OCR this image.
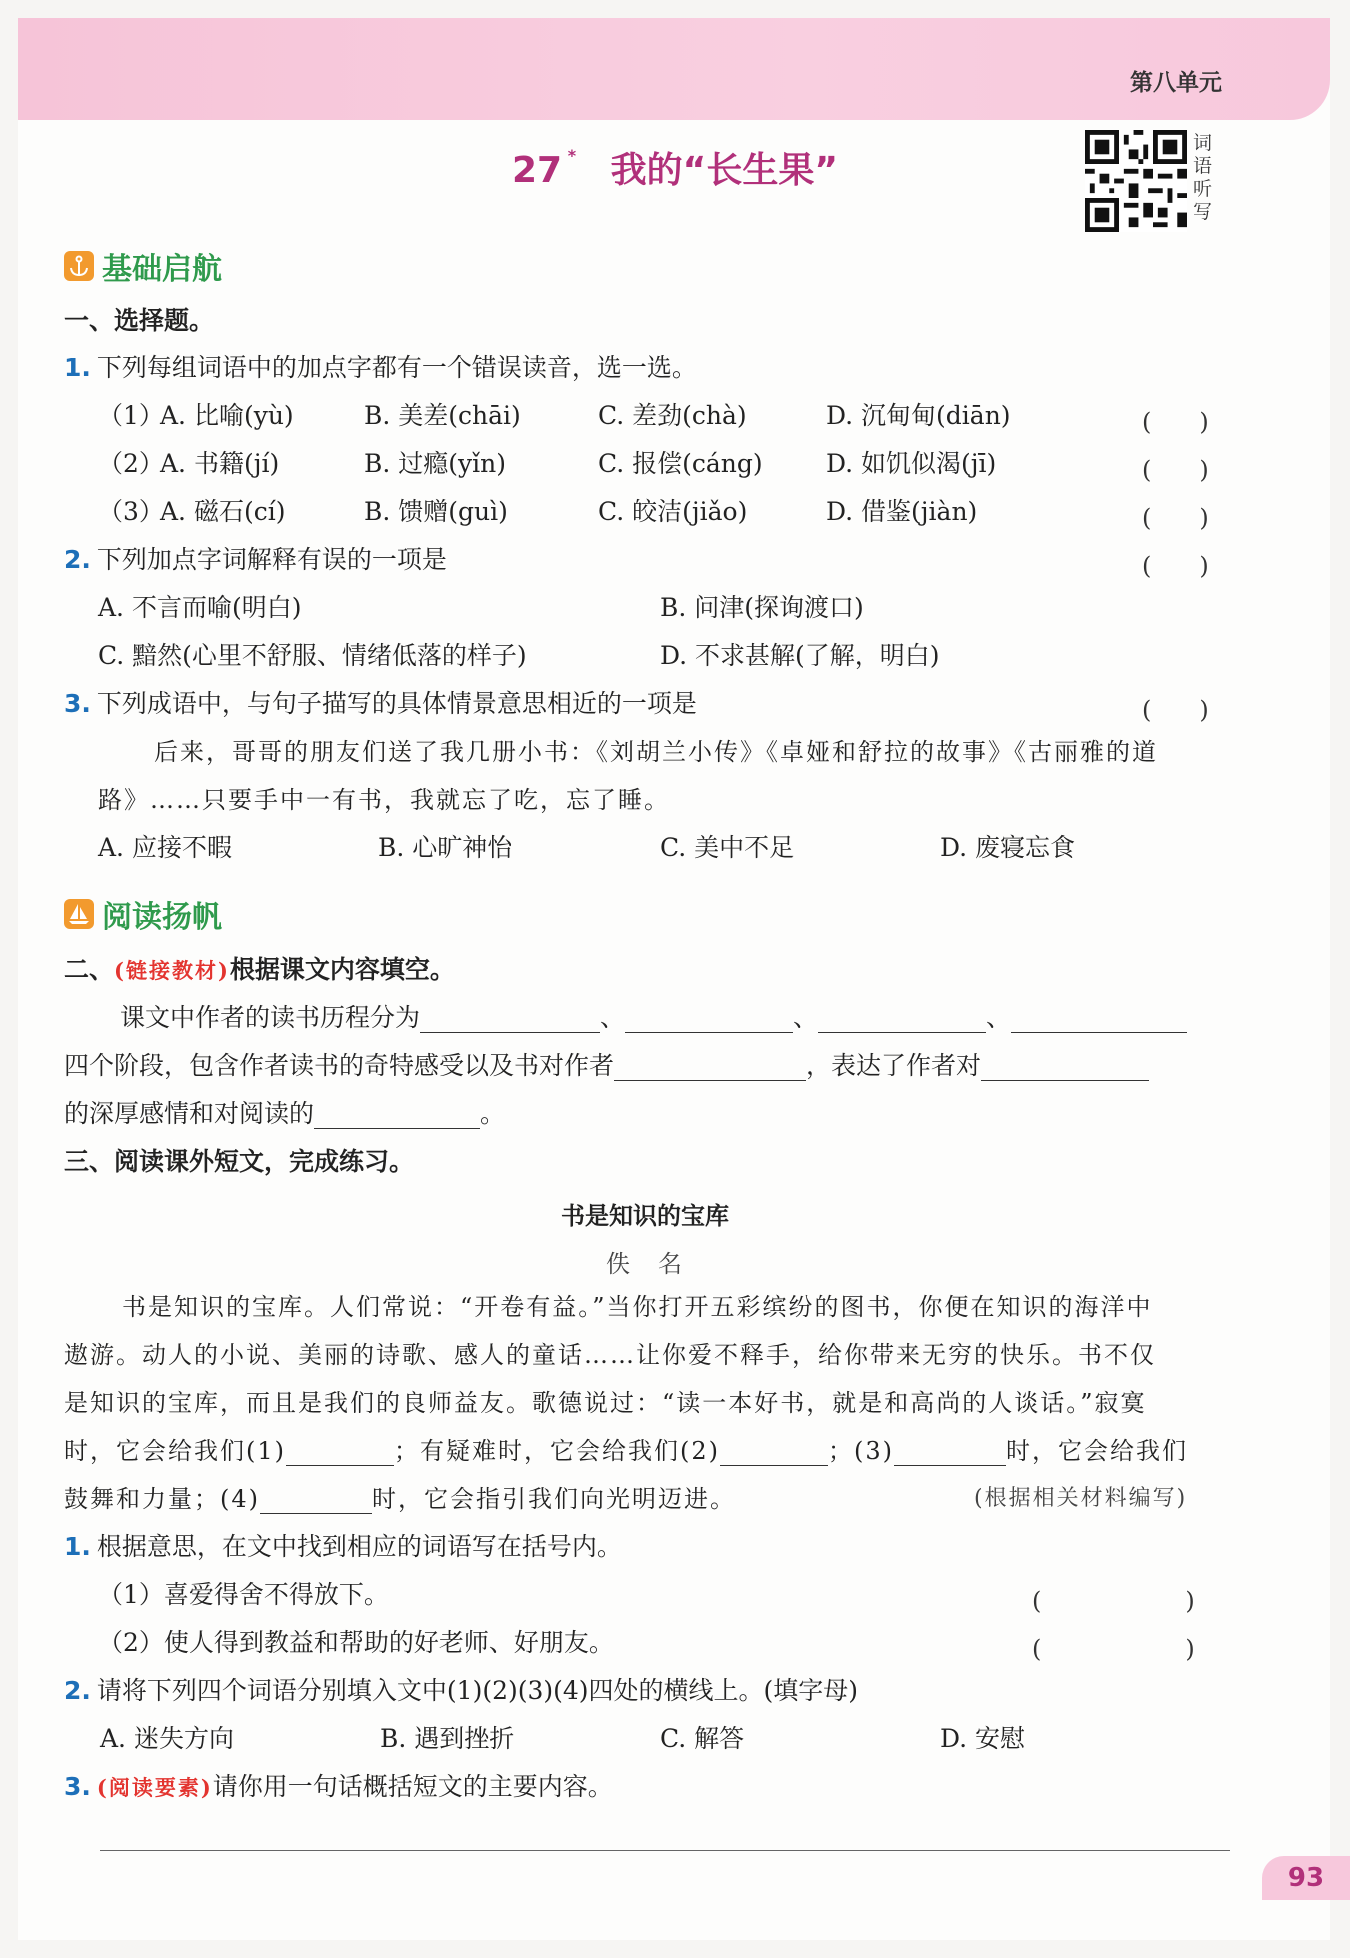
第八单元
27 * 我的“长生果”
词语听写
基础启航
一、选择题。
1. 下列每组词语中的加点字都有一个错误读音，选一选。
（1）
A. 比喻(yù)	B. 美差(chāi)	C. 差劲(chà)	D. 沉甸甸(diān)	(　　)
（2）
A. 书籍(jí)	B. 过瘾(yǐn)	C. 报偿(cáng)	D. 如饥似渴(jī)	(　　)
（3）
A. 磁石(cí)	B. 馈赠(guì)	C. 皎洁(jiǎo)	D. 借鉴(jiàn)	(　　)
2. 下列加点字词解释有误的一项是	(　　)
A. 不言而喻(明白)	B. 问津(探询渡口)
C. 黯然(心里不舒服、情绪低落的样子)	D. 不求甚解(了解，明白)
3. 下列成语中，与句子描写的具体情景意思相近的一项是	(　　)
后来，哥哥的朋友们送了我几册小书：《刘胡兰小传》《卓娅和舒拉的故事》《古丽雅的道
路》……只要手中一有书，我就忘了吃，忘了睡。
A. 应接不暇	B. 心旷神怡	C. 美中不足	D. 废寝忘食
阅读扬帆
二、(链接教材)根据课文内容填空。
课文中作者的读书历程分为	、	、	、
四个阶段，包含作者读书的奇特感受以及书对作者	，表达了作者对
的深厚感情和对阅读的	。
三、阅读课外短文，完成练习。
书是知识的宝库
佚　名
书是知识的宝库。人们常说：“开卷有益。”当你打开五彩缤纷的图书，你便在知识的海洋中
遨游。动人的小说、美丽的诗歌、感人的童话……让你爱不释手，给你带来无穷的快乐。书不仅
是知识的宝库，而且是我们的良师益友。歌德说过：“读一本好书，就是和高尚的人谈话。”寂寞
时，它会给我们(1)	；有疑难时，它会给我们(2)	；(3)	时，它会给我们
鼓舞和力量；(4)	时，它会指引我们向光明迈进。	(根据相关材料编写)
1. 根据意思，在文中找到相应的词语写在括号内。
（1）喜爱得舍不得放下。	(　　　　　　)
（2）使人得到教益和帮助的好老师、好朋友。	(　　　　　　)
2. 请将下列四个词语分别填入文中(1)(2)(3)(4)四处的横线上。(填字母)
A. 迷失方向	B. 遇到挫折	C. 解答	D. 安慰
3. (阅读要素)请你用一句话概括短文的主要内容。
93
